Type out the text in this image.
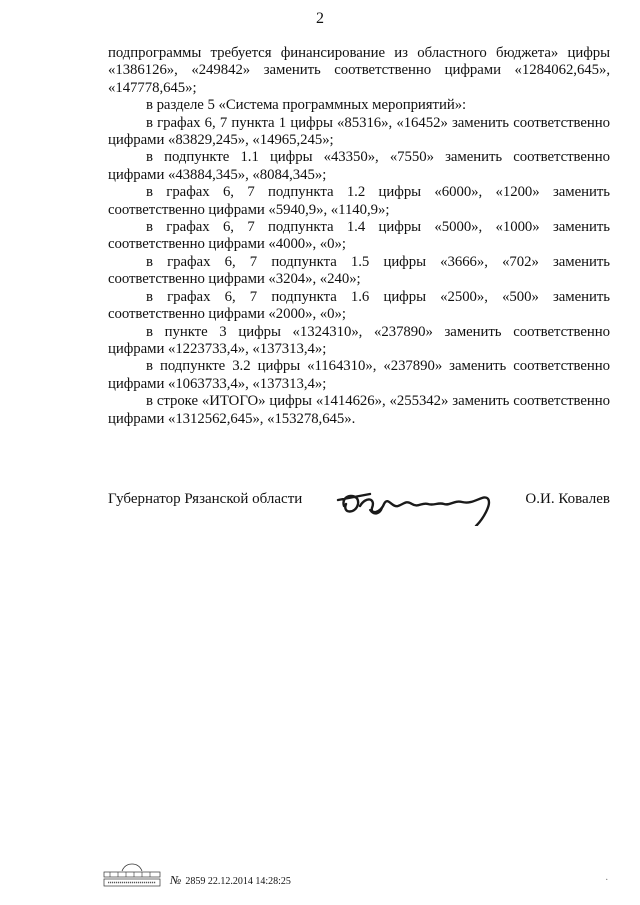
2

подпрограммы требуется финансирование из областного бюджета» цифры «1386126», «249842» заменить соответственно цифрами «1284062,645», «147778,645»;

в разделе 5 «Система программных мероприятий»:

в графах 6, 7 пункта 1 цифры «85316», «16452» заменить соответственно цифрами «83829,245», «14965,245»;

в подпункте 1.1 цифры «43350», «7550» заменить соответственно цифрами «43884,345», «8084,345»;

в графах 6, 7 подпункта 1.2 цифры «6000», «1200» заменить соответственно цифрами «5940,9», «1140,9»;

в графах 6, 7 подпункта 1.4 цифры «5000», «1000» заменить соответственно цифрами «4000», «0»;

в графах 6, 7 подпункта 1.5 цифры «3666», «702» заменить соответственно цифрами «3204», «240»;

в графах 6, 7 подпункта 1.6 цифры «2500», «500» заменить соответственно цифрами «2000», «0»;

в пункте 3 цифры «1324310», «237890» заменить соответственно цифрами «1223733,4», «137313,4»;

в подпункте 3.2 цифры «1164310», «237890» заменить соответственно цифрами «1063733,4», «137313,4»;

в строке «ИТОГО» цифры «1414626», «255342» заменить соответственно цифрами «1312562,645», «153278,645».

Губернатор Рязанской области	О.И. Ковалев
№ 2859 22.12.2014 14:28:25	.
